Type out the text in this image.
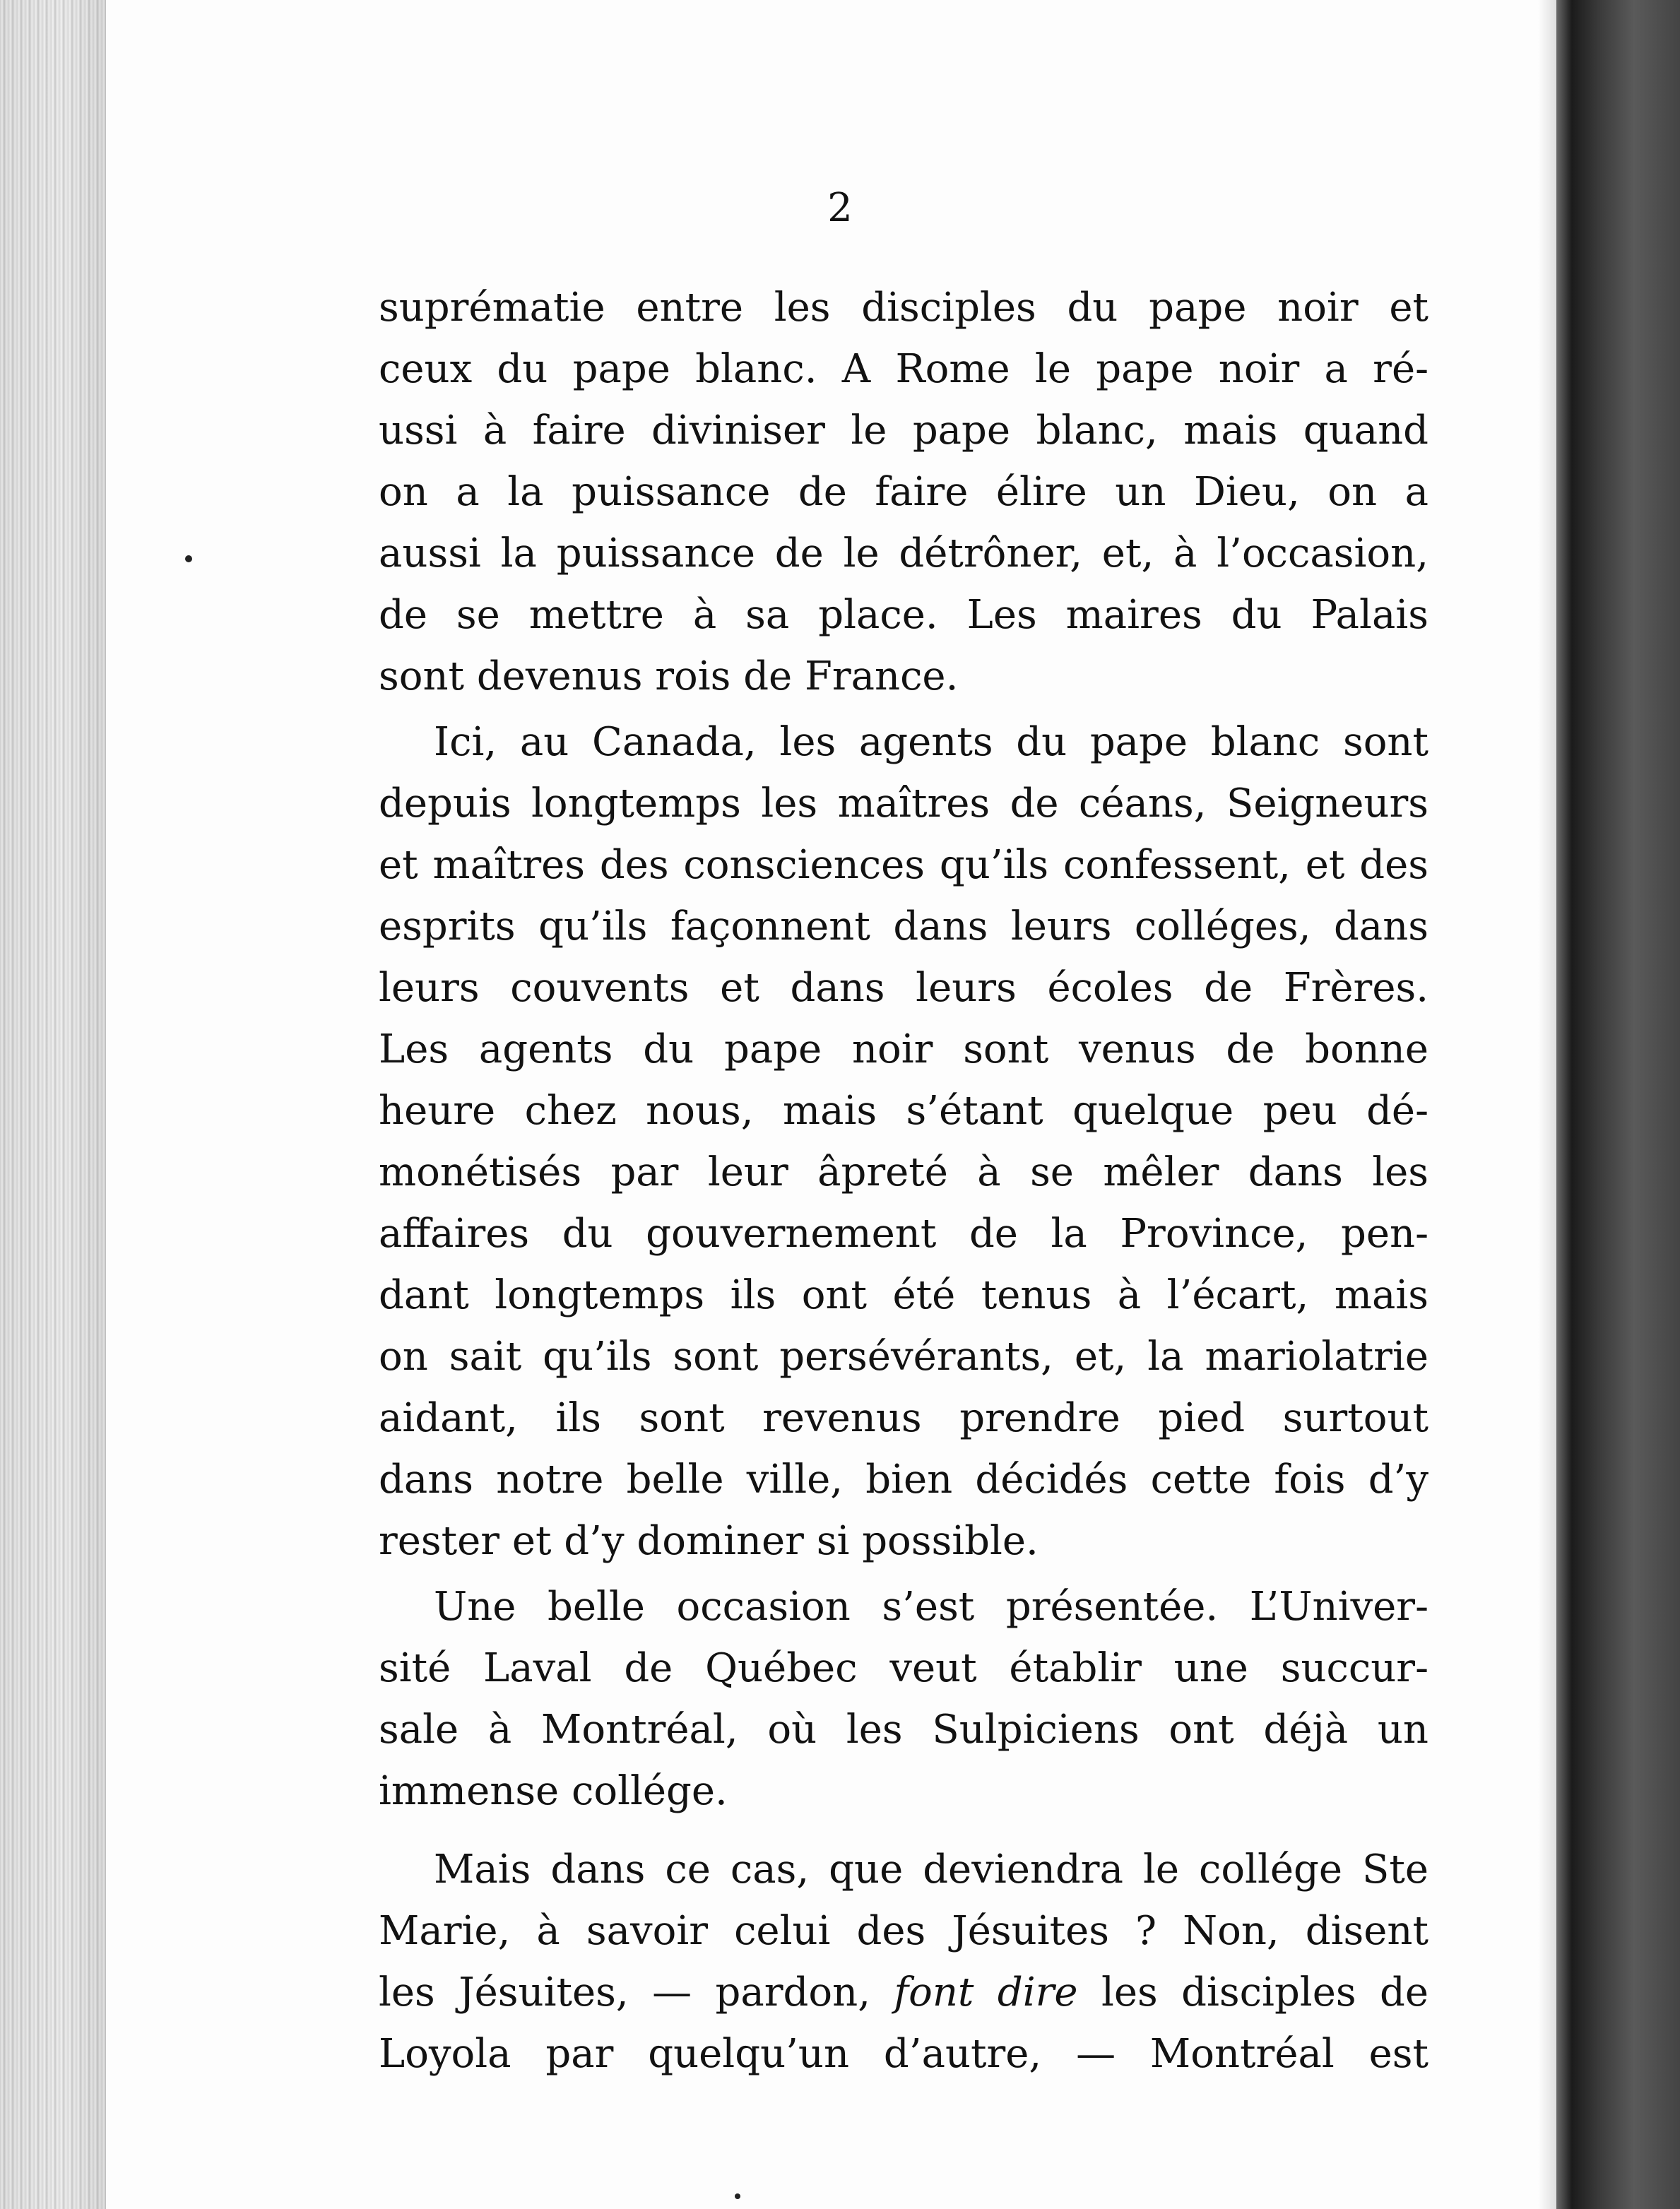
2

suprématie entre les disciples du pape noir et
ceux du pape blanc. A Rome le pape noir a ré-
ussi à faire diviniser le pape blanc, mais quand
on a la puissance de faire élire un Dieu, on a
aussi la puissance de le détrôner, et, à l’occasion,
de se mettre à sa place. Les maires du Palais
sont devenus rois de France.

Ici, au Canada, les agents du pape blanc sont
depuis longtemps les maîtres de céans, Seigneurs
et maîtres des consciences qu’ils confessent, et des
esprits qu’ils façonnent dans leurs colléges, dans
leurs couvents et dans leurs écoles de Frères.
Les agents du pape noir sont venus de bonne
heure chez nous, mais s’étant quelque peu dé-
monétisés par leur âpreté à se mêler dans les
affaires du gouvernement de la Province, pen-
dant longtemps ils ont été tenus à l’écart, mais
on sait qu’ils sont persévérants, et, la mariolatrie
aidant, ils sont revenus prendre pied surtout
dans notre belle ville, bien décidés cette fois d’y
rester et d’y dominer si possible.

Une belle occasion s’est présentée. L’Univer-
sité Laval de Québec veut établir une succur-
sale à Montréal, où les Sulpiciens ont déjà un
immense collége.

Mais dans ce cas, que deviendra le collége Ste
Marie, à savoir celui des Jésuites ? Non, disent
les Jésuites, — pardon, font dire les disciples de
Loyola par quelqu’un d’autre, — Montréal est
